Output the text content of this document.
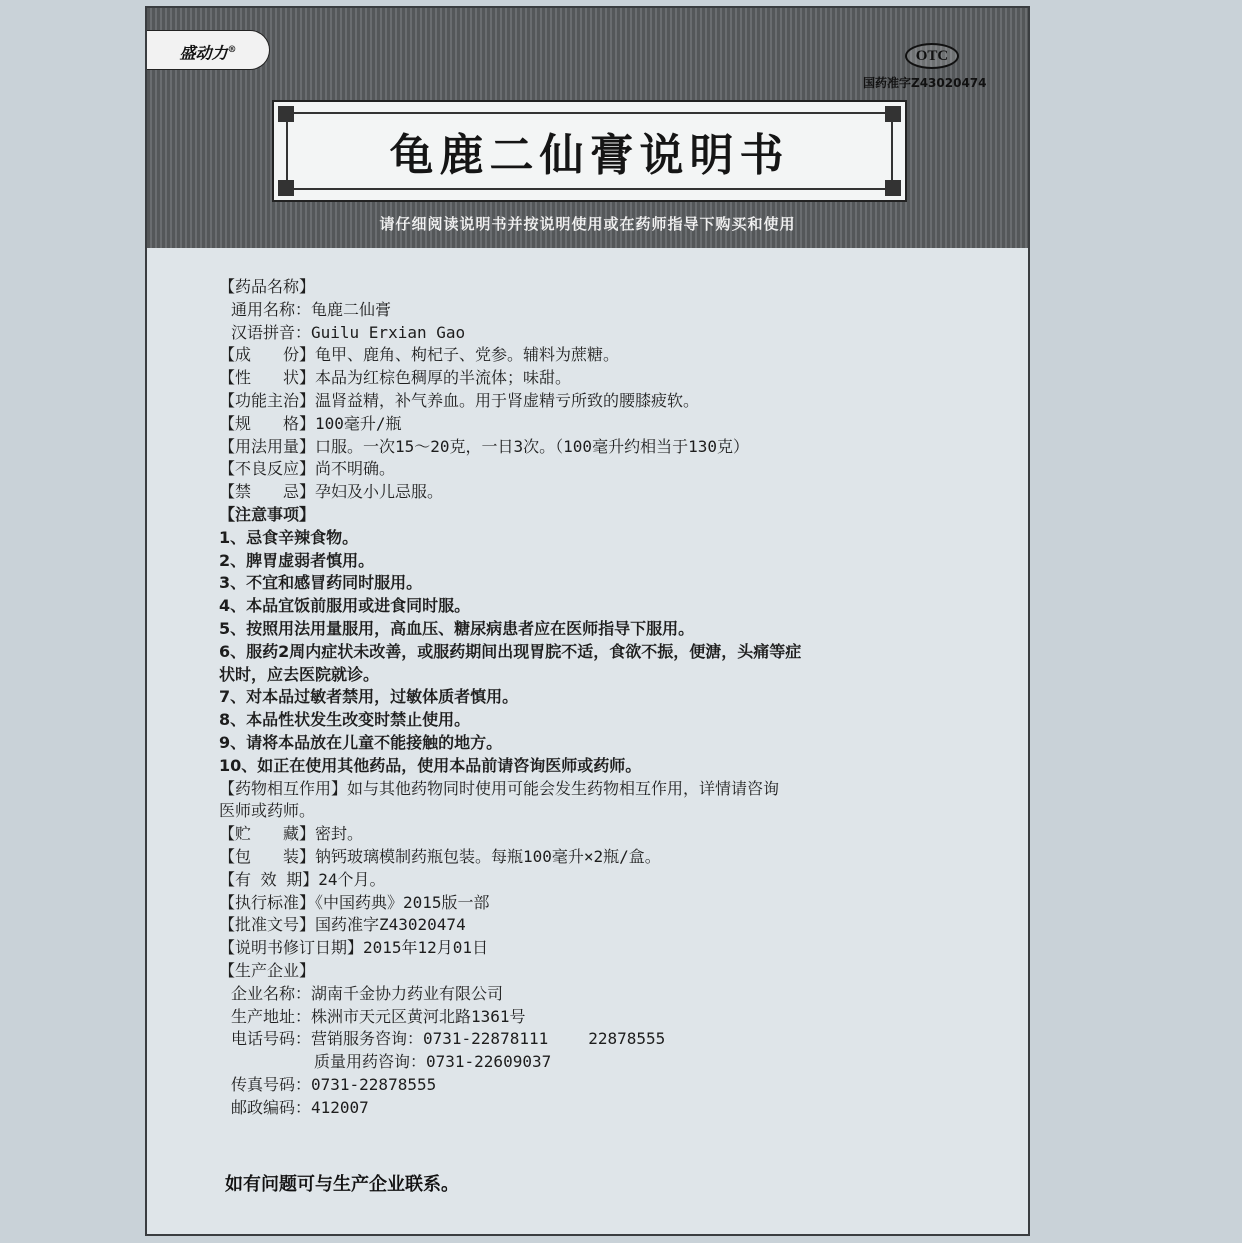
盛动力®	OTC
国药准字Z43020474
龟鹿二仙膏说明书
请仔细阅读说明书并按说明使用或在药师指导下购买和使用
【药品名称】
通用名称：龟鹿二仙膏
汉语拼音：Guilu Erxian Gao
【成　　份】龟甲、鹿角、枸杞子、党参。辅料为蔗糖。
【性　　状】本品为红棕色稠厚的半流体；味甜。
【功能主治】温肾益精，补气养血。用于肾虚精亏所致的腰膝疲软。
【规　　格】100毫升/瓶
【用法用量】口服。一次15～20克，一日3次。（100毫升约相当于130克）
【不良反应】尚不明确。
【禁　　忌】孕妇及小儿忌服。
【注意事项】
1、忌食辛辣食物。
2、脾胃虚弱者慎用。
3、不宜和感冒药同时服用。
4、本品宜饭前服用或进食同时服。
5、按照用法用量服用，高血压、糖尿病患者应在医师指导下服用。
6、服药2周内症状未改善，或服药期间出现胃脘不适，食欲不振，便溏，头痛等症
状时，应去医院就诊。
7、对本品过敏者禁用，过敏体质者慎用。
8、本品性状发生改变时禁止使用。
9、请将本品放在儿童不能接触的地方。
10、如正在使用其他药品，使用本品前请咨询医师或药师。
【药物相互作用】如与其他药物同时使用可能会发生药物相互作用，详情请咨询
医师或药师。
【贮　　藏】密封。
【包　　装】钠钙玻璃模制药瓶包装。每瓶100毫升×2瓶/盒。
【有 效 期】24个月。
【执行标准】《中国药典》2015版一部
【批准文号】国药准字Z43020474
【说明书修订日期】2015年12月01日
【生产企业】
企业名称：湖南千金协力药业有限公司
生产地址：株洲市天元区黄河北路1361号
电话号码：营销服务咨询：0731-22878111	22878555
质量用药咨询：0731-22609037
传真号码：0731-22878555
邮政编码：412007
如有问题可与生产企业联系。
